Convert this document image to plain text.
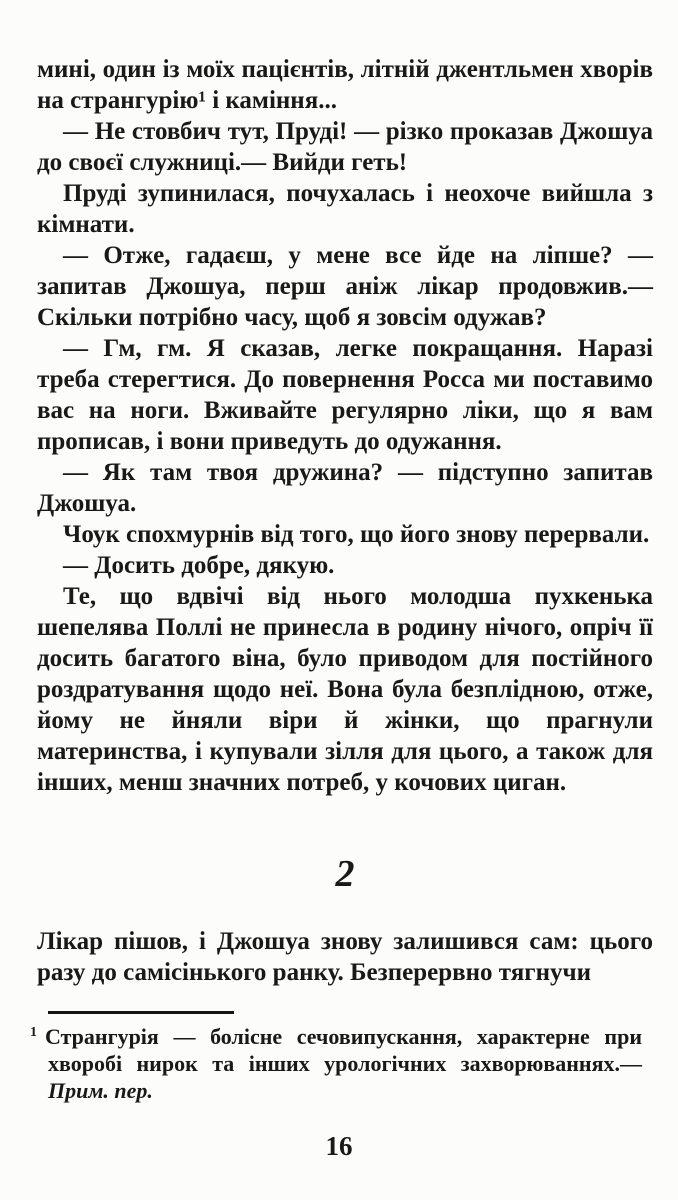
мині, один із моїх пацієнтів, літній джентльмен хворів на странгурію¹ і каміння...

— Не стовбич тут, Пруді! — різко проказав Джошуа до своєї служниці.— Вийди геть!

Пруді зупинилася, почухалась і неохоче вийшла з кімнати.

— Отже, гадаєш, у мене все йде на ліпше? — запитав Джошуа, перш аніж лікар продовжив.— Скільки потрібно часу, щоб я зовсім одужав?

— Гм, гм. Я сказав, легке покращання. Наразі треба стерегтися. До повернення Росса ми поставимо вас на ноги. Вживайте регулярно ліки, що я вам прописав, і вони приведуть до одужання.

— Як там твоя дружина? — підступно запитав Джошуа.

Чоук спохмурнів від того, що його знову перервали.

— Досить добре, дякую.

Те, що вдвічі від нього молодша пухкенька шепелява Поллі не принесла в родину нічого, опріч її досить багатого віна, було приводом для постійного роздратування щодо неї. Вона була безплідною, отже, йому не йняли віри й жінки, що прагнули материнства, і купували зілля для цього, а також для інших, менш значних потреб, у кочових циган.

2

Лікар пішов, і Джошуа знову залишився сам: цього разу до самісінького ранку. Безперервно тягнучи

$^1$ Странгурія — болісне сечовипускання, характерне при хворобі нирок та інших урологічних захворюваннях.— Прим. пер.
16
